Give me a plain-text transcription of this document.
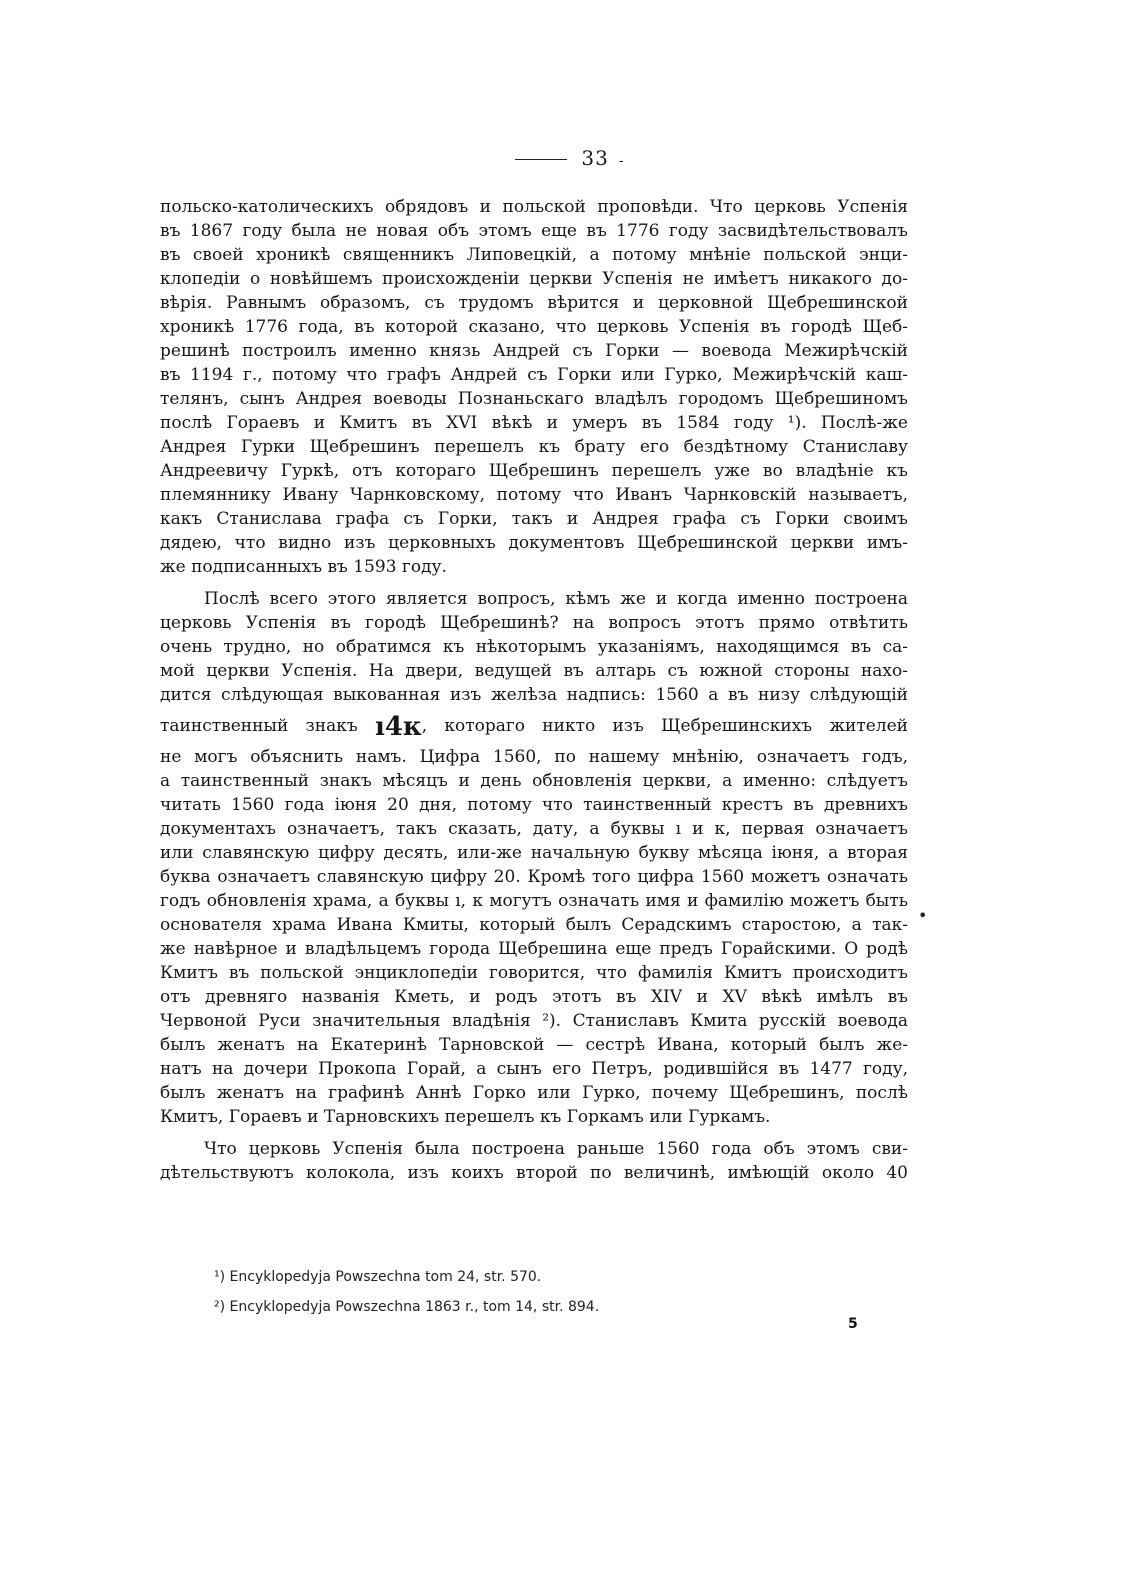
33 -
польско-католическихъ обрядовъ и польской проповѣди. Что церковь Успенія
въ 1867 году была не новая объ этомъ еще въ 1776 году засвидѣтельствовалъ
въ своей хроникѣ священникъ Липовецкій, а потому мнѣніе польской энци-
клопедіи о новѣйшемъ происхожденіи церкви Успенія не имѣетъ никакого до-
вѣрія. Равнымъ образомъ, съ трудомъ вѣрится и церковной Щебрешинской
хроникѣ 1776 года, въ которой сказано, что церковь Успенія въ городѣ Щеб-
решинѣ построилъ именно князь Андрей съ Горки — воевода Межирѣчскій
въ 1194 г., потому что графъ Андрей съ Горки или Гурко, Межирѣчскій каш-
телянъ, сынъ Андрея воеводы Познаньскаго владѣлъ городомъ Щебрешиномъ
послѣ Гораевъ и Кмитъ въ XVI вѣкѣ и умеръ въ 1584 году ¹). Послѣ-же
Андрея Гурки Щебрешинъ перешелъ къ брату его бездѣтному Станиславу
Андреевичу Гуркѣ, отъ котораго Щебрешинъ перешелъ уже во владѣніе къ
племяннику Ивану Чарнковскому, потому что Иванъ Чарнковскій называетъ,
какъ Станислава графа съ Горки, такъ и Андрея графа съ Горки своимъ
дядею, что видно изъ церковныхъ документовъ Щебрешинской церкви имъ-
же подписанныхъ въ 1593 году.
Послѣ всего этого является вопросъ, кѣмъ же и когда именно построена
церковь Успенія въ городѣ Щебрешинѣ? на вопросъ этотъ прямо отвѣтить
очень трудно, но обратимся къ нѣкоторымъ указаніямъ, находящимся въ са-
мой церкви Успенія. На двери, ведущей въ алтарь съ южной стороны нахо-
дится слѣдующая выкованная изъ желѣза надпись: 1560 а въ низу слѣдующій
таинственный знакъ ı4к, котораго никто изъ Щебрешинскихъ жителей
не могъ объяснить намъ. Цифра 1560, по нашему мнѣнію, означаетъ годъ,
а таинственный знакъ мѣсяцъ и день обновленія церкви, а именно: слѣдуетъ
читать 1560 года іюня 20 дня, потому что таинственный крестъ въ древнихъ
документахъ означаетъ, такъ сказать, дату, а буквы ı и к, первая означаетъ
или славянскую цифру десять, или-же начальную букву мѣсяца іюня, а вторая
буква означаетъ славянскую цифру 20. Кромѣ того цифра 1560 можетъ означать
годъ обновленія храма, а буквы ı, к могутъ означать имя и фамилію можетъ быть
основателя храма Ивана Кмиты, который былъ Серадскимъ старостою, а так-
же навѣрное и владѣльцемъ города Щебрешина еще предъ Горайскими. О родѣ
Кмитъ въ польской энциклопедіи говорится, что фамилія Кмитъ происходитъ
отъ древняго названія Кметь, и родъ этотъ въ XIV и XV вѣкѣ имѣлъ въ
Червоной Руси значительныя владѣнія ²). Станиславъ Кмита русскій воевода
былъ женатъ на Екатеринѣ Тарновской — сестрѣ Ивана, который былъ же-
натъ на дочери Прокопа Горай, а сынъ его Петръ, родившійся въ 1477 году,
былъ женатъ на графинѣ Аннѣ Горко или Гурко, почему Щебрешинъ, послѣ
Кмитъ, Гораевъ и Тарновскихъ перешелъ къ Горкамъ или Гуркамъ.
Что церковь Успенія была построена раньше 1560 года объ этомъ сви-
дѣтельствуютъ колокола, изъ коихъ второй по величинѣ, имѣющій около 40
•
¹) Encyklopedyja Powszechna tom 24, str. 570.
²) Encyklopedyja Powszechna 1863 r., tom 14, str. 894.
5
